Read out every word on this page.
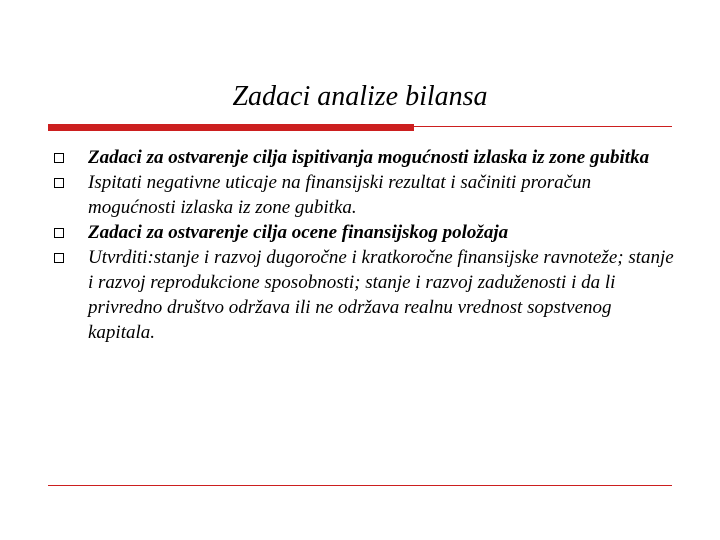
Zadaci analize bilansa
Zadaci za ostvarenje cilja ispitivanja mogućnosti izlaska iz zone gubitka
Ispitati negativne uticaje na finansijski rezultat i sačiniti proračun mogućnosti izlaska iz zone gubitka.
Zadaci za ostvarenje cilja ocene finansijskog položaja
Utvrditi:stanje i razvoj dugoročne i kratkoročne finansijske ravnoteže; stanje i razvoj reprodukcione sposobnosti; stanje i razvoj zaduženosti i da li privredno društvo održava ili ne održava realnu vrednost sopstvenog kapitala.
